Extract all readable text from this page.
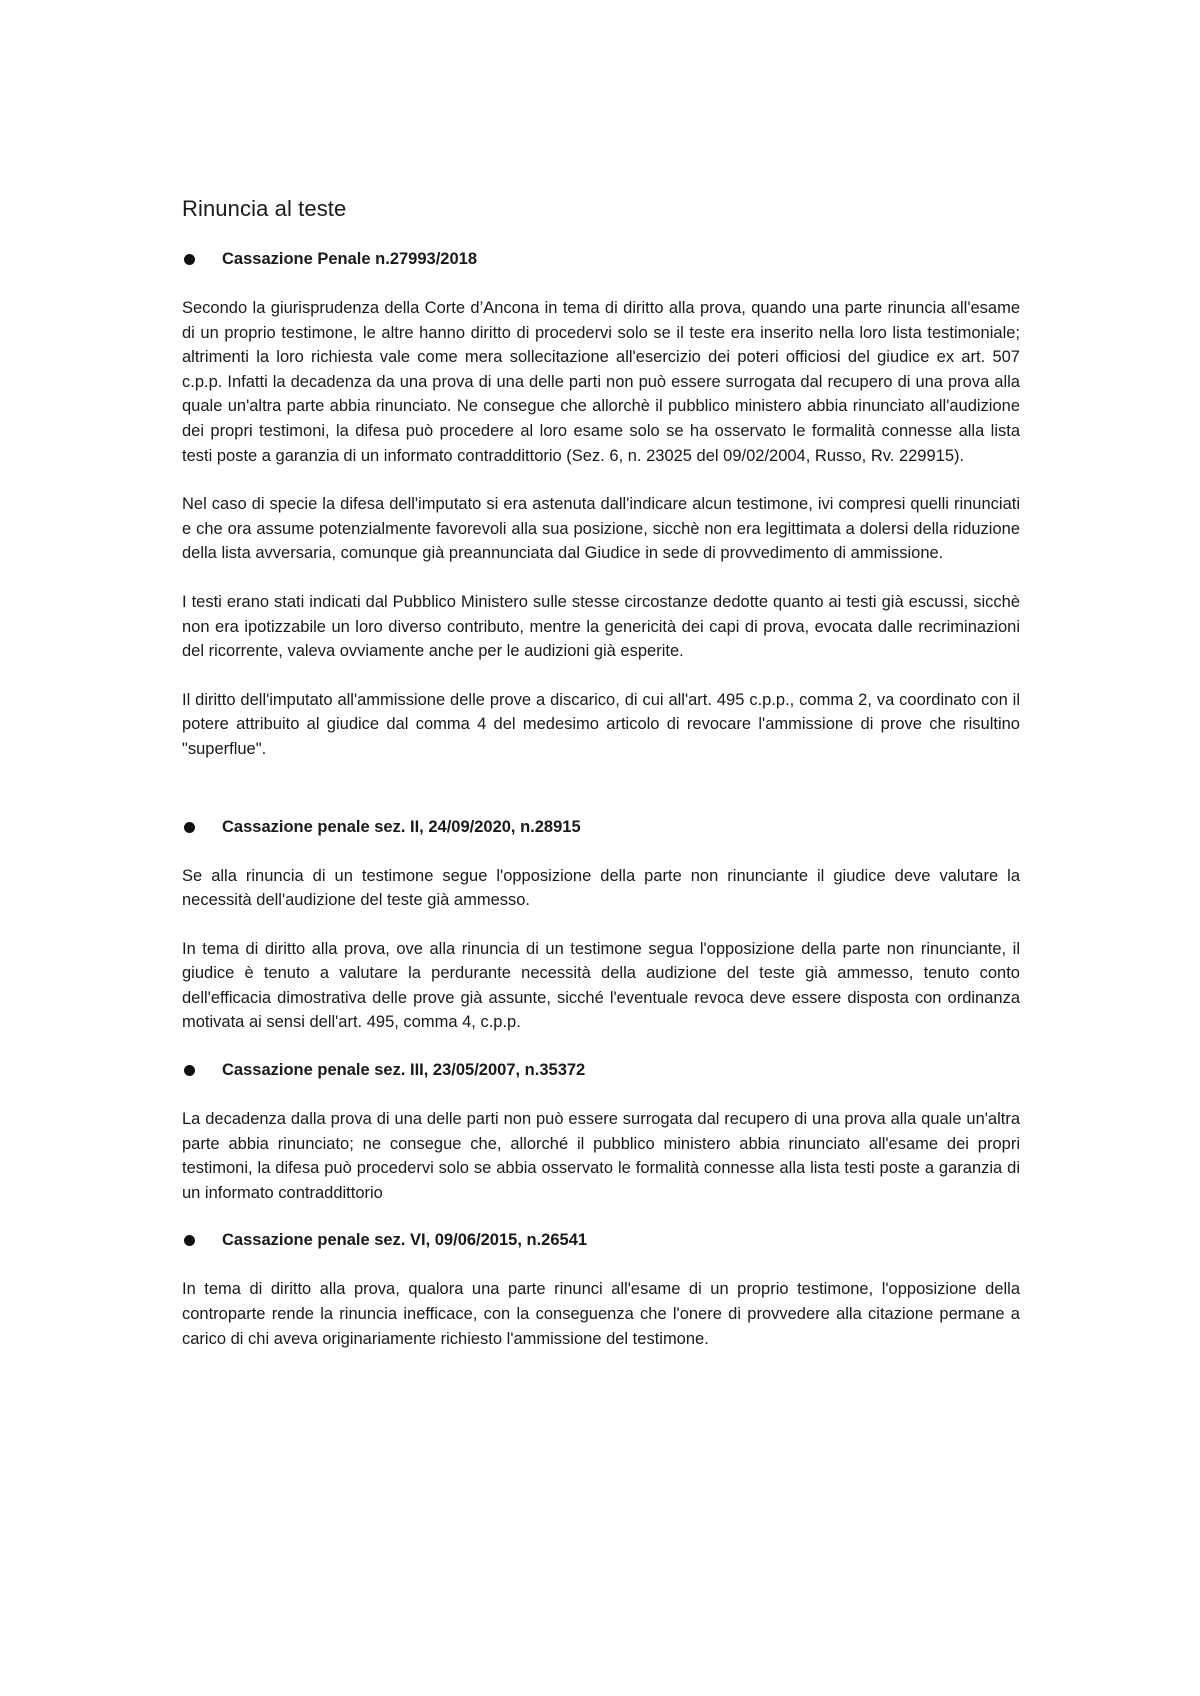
Rinuncia al teste
Cassazione Penale n.27993/2018

Secondo la giurisprudenza della Corte d’Ancona in tema di diritto alla prova, quando una parte rinuncia all'esame di un proprio testimone, le altre hanno diritto di procedervi solo se il teste era inserito nella loro lista testimoniale; altrimenti la loro richiesta vale come mera sollecitazione all'esercizio dei poteri officiosi del giudice ex art. 507 c.p.p. Infatti la decadenza da una prova di una delle parti non può essere surrogata dal recupero di una prova alla quale un'altra parte abbia rinunciato. Ne consegue che allorchè il pubblico ministero abbia rinunciato all'audizione dei propri testimoni, la difesa può procedere al loro esame solo se ha osservato le formalità connesse alla lista testi poste a garanzia di un informato contraddittorio (Sez. 6, n. 23025 del 09/02/2004, Russo, Rv. 229915).

Nel caso di specie la difesa dell'imputato si era astenuta dall'indicare alcun testimone, ivi compresi quelli rinunciati e che ora assume potenzialmente favorevoli alla sua posizione, sicchè non era legittimata a dolersi della riduzione della lista avversaria, comunque già preannunciata dal Giudice in sede di provvedimento di ammissione.

I testi erano stati indicati dal Pubblico Ministero sulle stesse circostanze dedotte quanto ai testi già escussi, sicchè non era ipotizzabile un loro diverso contributo, mentre la genericità dei capi di prova, evocata dalle recriminazioni del ricorrente, valeva ovviamente anche per le audizioni già esperite.

Il diritto dell'imputato all'ammissione delle prove a discarico, di cui all'art. 495 c.p.p., comma 2, va coordinato con il potere attribuito al giudice dal comma 4 del medesimo articolo di revocare l'ammissione di prove che risultino "superflue".

Cassazione penale sez. II, 24/09/2020, n.28915

Se alla rinuncia di un testimone segue l'opposizione della parte non rinunciante il giudice deve valutare la necessità dell'audizione del teste già ammesso.

In tema di diritto alla prova, ove alla rinuncia di un testimone segua l'opposizione della parte non rinunciante, il giudice è tenuto a valutare la perdurante necessità della audizione del teste già ammesso, tenuto conto dell'efficacia dimostrativa delle prove già assunte, sicché l'eventuale revoca deve essere disposta con ordinanza motivata ai sensi dell'art. 495, comma 4, c.p.p.

Cassazione penale sez. III, 23/05/2007, n.35372

La decadenza dalla prova di una delle parti non può essere surrogata dal recupero di una prova alla quale un'altra parte abbia rinunciato; ne consegue che, allorché il pubblico ministero abbia rinunciato all'esame dei propri testimoni, la difesa può procedervi solo se abbia osservato le formalità connesse alla lista testi poste a garanzia di un informato contraddittorio

Cassazione penale sez. VI, 09/06/2015, n.26541

In tema di diritto alla prova, qualora una parte rinunci all'esame di un proprio testimone, l'opposizione della controparte rende la rinuncia inefficace, con la conseguenza che l'onere di provvedere alla citazione permane a carico di chi aveva originariamente richiesto l'ammissione del testimone.
